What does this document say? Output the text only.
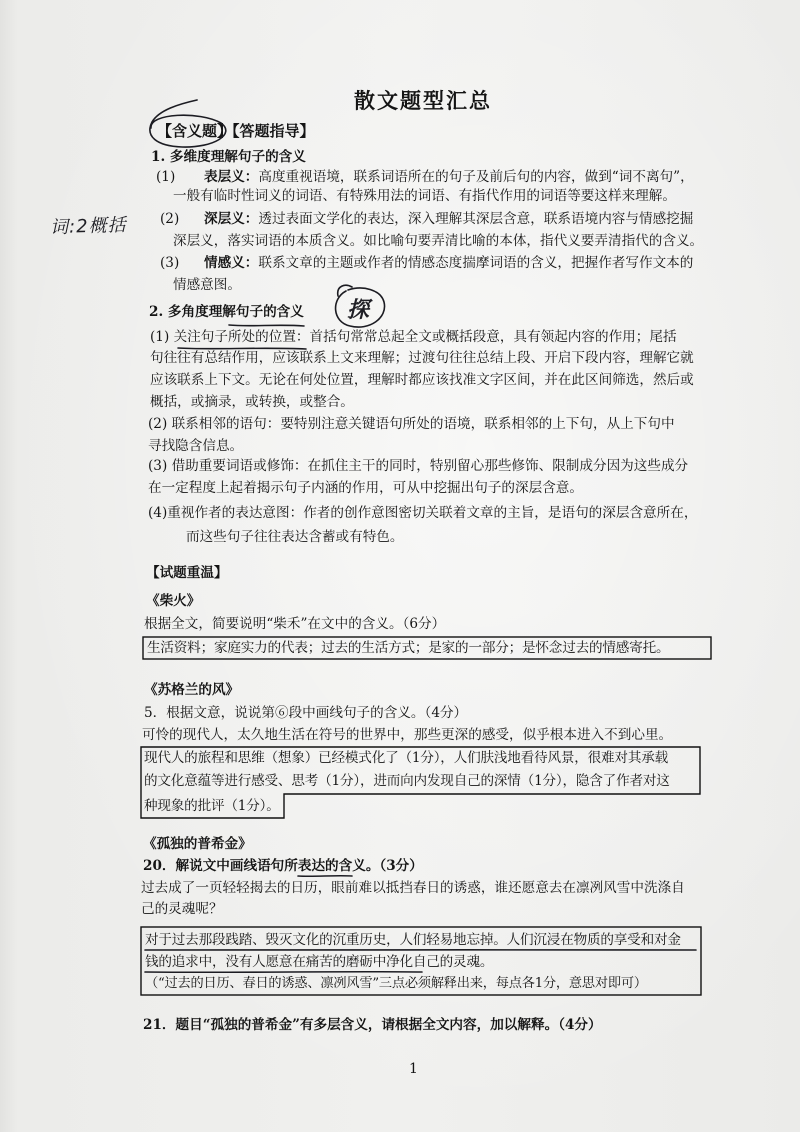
散文题型汇总
【含义题】【答题指导】
1. 多维度理解句子的含义
(1) 表层义：高度重视语境，联系词语所在的句子及前后句的内容，做到“词不离句”，
一般有临时性词义的词语、有特殊用法的词语、有指代作用的词语等要这样来理解。
(2) 深层义：透过表面文学化的表达，深入理解其深层含意，联系语境内容与情感挖掘
深层义，落实词语的本质含义。如比喻句要弄清比喻的本体，指代义要弄清指代的含义。
(3) 情感义：联系文章的主题或作者的情感态度揣摩词语的含义，把握作者写作文本的
情感意图。
词:2概括
2. 多角度理解句子的含义 探
(1) 关注句子所处的位置：首括句常常总起全文或概括段意，具有领起内容的作用；尾括
句往往有总结作用，应该联系上文来理解；过渡句往往总结上段、开启下段内容，理解它就
应该联系上下文。无论在何处位置，理解时都应该找准文字区间，并在此区间筛选，然后或
概括，或摘录，或转换，或整合。
(2) 联系相邻的语句：要特别注意关键语句所处的语境，联系相邻的上下句，从上下句中
寻找隐含信息。
(3) 借助重要词语或修饰：在抓住主干的同时，特别留心那些修饰、限制成分因为这些成分
在一定程度上起着揭示句子内涵的作用，可从中挖掘出句子的深层含意。
(4)重视作者的表达意图：作者的创作意图密切关联着文章的主旨，是语句的深层含意所在，
而这些句子往往表达含蓄或有特色。
【试题重温】
《柴火》
根据全文，简要说明“柴禾”在文中的含义。（6分）
生活资料；家庭实力的代表；过去的生活方式；是家的一部分；是怀念过去的情感寄托。
《苏格兰的风》
5．根据文意，说说第⑥段中画线句子的含义。（4分）
可怜的现代人，太久地生活在符号的世界中，那些更深的感受，似乎根本进入不到心里。
现代人的旅程和思维（想象）已经模式化了（1分），人们肤浅地看待风景，很难对其承载
的文化意蕴等进行感受、思考（1分），进而向内发现自己的深情（1分），隐含了作者对这
种现象的批评（1分）。
《孤独的普希金》
20．解说文中画线语句所表达的含义。（3分）
过去成了一页轻轻揭去的日历，眼前难以抵挡春日的诱惑，谁还愿意去在凛冽风雪中洗涤自
己的灵魂呢？
对于过去那段践踏、毁灭文化的沉重历史，人们轻易地忘掉。人们沉浸在物质的享受和对金
钱的追求中，没有人愿意在痛苦的磨砺中净化自己的灵魂。
（“过去的日历、春日的诱惑、凛冽风雪”三点必须解释出来，每点各1分，意思对即可）
21．题目“孤独的普希金”有多层含义，请根据全文内容，加以解释。（4分）
1
